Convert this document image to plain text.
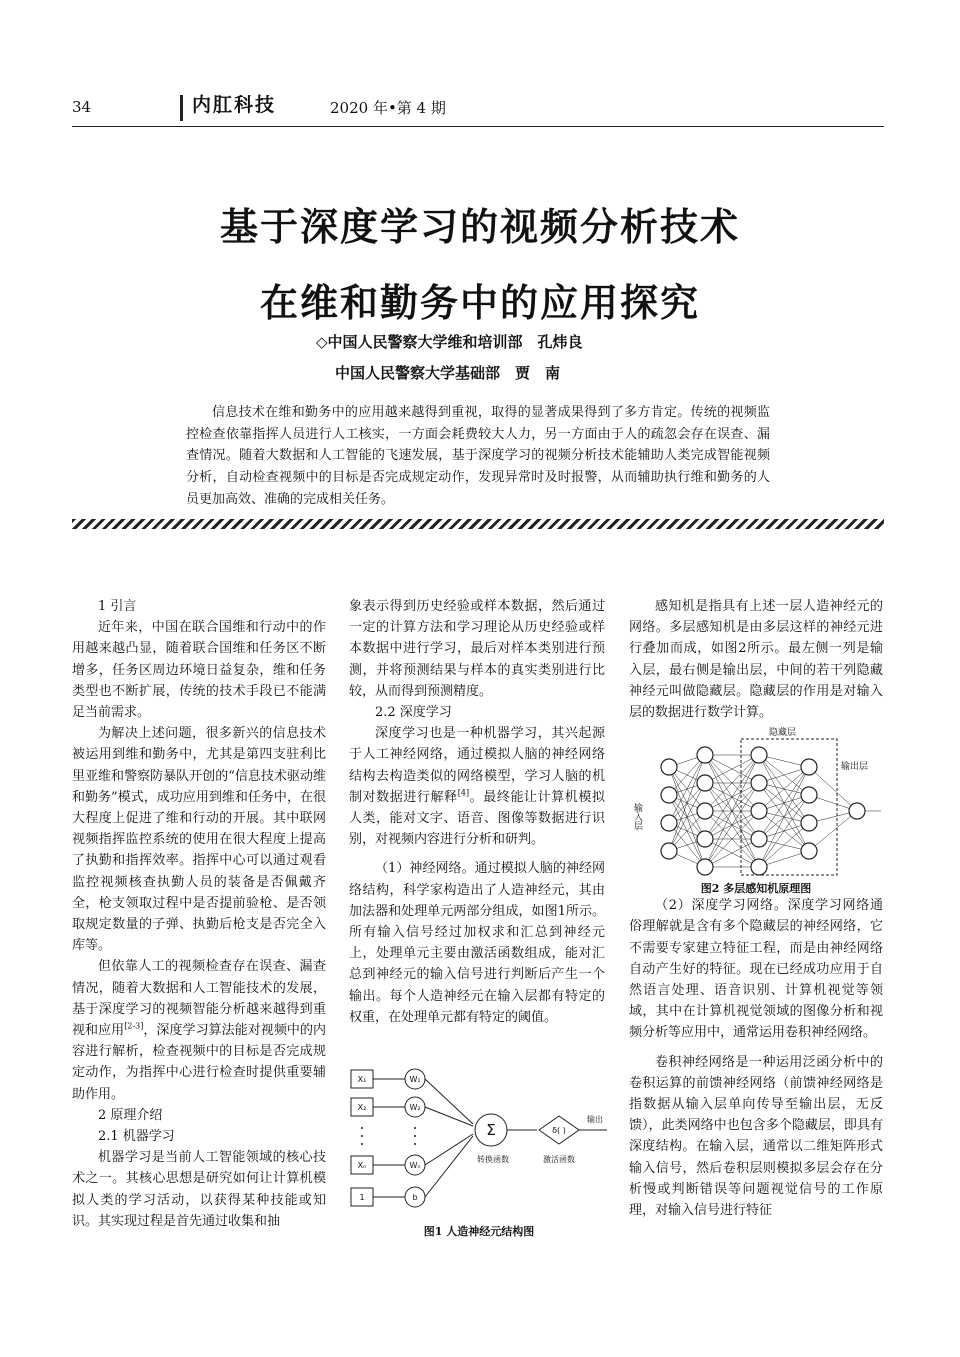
34	内肛科技	2020 年•第 4 期
基于深度学习的视频分析技术
在维和勤务中的应用探究
◇中国人民警察大学维和培训部　孔炜良
中国人民警察大学基础部　贾　南
信息技术在维和勤务中的应用越来越得到重视，取得的显著成果得到了多方肯定。传统的视频监控检查依靠指挥人员进行人工核实，一方面会耗费较大人力，另一方面由于人的疏忽会存在误查、漏查情况。随着大数据和人工智能的飞速发展，基于深度学习的视频分析技术能辅助人类完成智能视频分析，自动检查视频中的目标是否完成规定动作，发现异常时及时报警，从而辅助执行维和勤务的人员更加高效、准确的完成相关任务。

1 引言

近年来，中国在联合国维和行动中的作用越来越凸显，随着联合国维和任务区不断增多，任务区周边环境日益复杂，维和任务类型也不断扩展，传统的技术手段已不能满足当前需求。

为解决上述问题，很多新兴的信息技术被运用到维和勤务中，尤其是第四支驻利比里亚维和警察防暴队开创的“信息技术驱动维和勤务”模式，成功应用到维和任务中，在很大程度上促进了维和行动的开展。其中联网视频指挥监控系统的使用在很大程度上提高了执勤和指挥效率。指挥中心可以通过观看监控视频核查执勤人员的装备是否佩戴齐全，枪支领取过程中是否提前验枪、是否领取规定数量的子弹、执勤后枪支是否完全入库等。

但依靠人工的视频检查存在误查、漏查情况，随着大数据和人工智能技术的发展，基于深度学习的视频智能分析越来越得到重视和应用[2-3]，深度学习算法能对视频中的内容进行解析，检查视频中的目标是否完成规定动作，为指挥中心进行检查时提供重要辅助作用。

2 原理介绍

2.1 机器学习

机器学习是当前人工智能领域的核心技术之一。其核心思想是研究如何让计算机模拟人类的学习活动，以获得某种技能或知识。其实现过程是首先通过收集和抽

象表示得到历史经验或样本数据，然后通过一定的计算方法和学习理论从历史经验或样本数据中进行学习，最后对样本类别进行预测，并将预测结果与样本的真实类别进行比较，从而得到预测精度。

2.2 深度学习

深度学习也是一种机器学习，其兴起源于人工神经网络，通过模拟人脑的神经网络结构去构造类似的网络模型，学习人脑的机制对数据进行解释[4]。最终能让计算机模拟人类，能对文字、语音、图像等数据进行识别，对视频内容进行分析和研判。

（1）神经网络。通过模拟人脑的神经网络结构，科学家构造出了人造神经元，其由加法器和处理单元两部分组成，如图1所示。所有输入信号经过加权求和汇总到神经元上，处理单元主要由激活函数组成，能对汇总到神经元的输入信号进行判断后产生一个输出。每个人造神经元在输入层都有特定的权重，在处理单元都有特定的阈值。

X₁
X₂
Xₙ
1
W₁
W₂
Wₙ
b
Σ	δ( )
输出
转换函数	激活函数
图1 人造神经元结构图

感知机是指具有上述一层人造神经元的网络。多层感知机是由多层这样的神经元进行叠加而成，如图2所示。最左侧一列是输入层，最右侧是输出层，中间的若干列隐藏神经元叫做隐藏层。隐藏层的作用是对输入层的数据进行数学计算。

（2）深度学习网络。深度学习网络通俗理解就是含有多个隐藏层的神经网络，它不需要专家建立特征工程，而是由神经网络自动产生好的特征。现在已经成功应用于自然语言处理、语音识别、计算机视觉等领域，其中在计算机视觉领域的图像分析和视频分析等应用中，通常运用卷积神经网络。

卷积神经网络是一种运用泛函分析中的卷积运算的前馈神经网络（前馈神经网络是指数据从输入层单向传导至输出层，无反馈），此类网络中也包含多个隐藏层，即具有深度结构。在输入层，通常以二维矩阵形式输入信号，然后卷积层则模拟多层会存在分析慢或判断错误等问题视觉信号的工作原理，对输入信号进行特征

输入层
隐藏层
输出层
图2 多层感知机原理图
